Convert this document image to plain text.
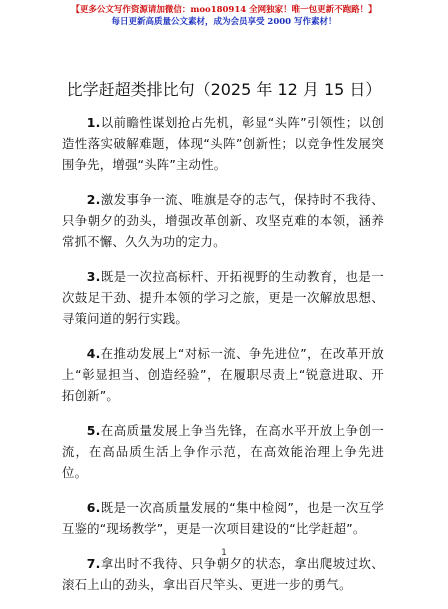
【更多公文写作资源请加微信：moo180914 全网独家！唯一包更新不跑路！】
每日更新高质量公文素材，成为会员享受 2000 写作素材！
比学赶超类排比句（2025 年 12 月 15 日）

1.以前瞻性谋划抢占先机，彰显“头阵”引领性；以创造性落实破解难题，体现“头阵”创新性；以竞争性发展突围争先，增强“头阵”主动性。

2.激发事争一流、唯旗是夺的志气，保持时不我待、只争朝夕的劲头，增强改革创新、攻坚克难的本领，涵养常抓不懈、久久为功的定力。

3.既是一次拉高标杆、开拓视野的生动教育，也是一次鼓足干劲、提升本领的学习之旅，更是一次解放思想、寻策问道的躬行实践。

4.在推动发展上“对标一流、争先进位”，在改革开放上“彰显担当、创造经验”，在履职尽责上“锐意进取、开拓创新”。

5.在高质量发展上争当先锋，在高水平开放上争创一流，在高品质生活上争作示范，在高效能治理上争先进位。

6.既是一次高质量发展的“集中检阅”，也是一次互学互鉴的“现场教学”，更是一次项目建设的“比学赶超”。

7.拿出时不我待、只争朝夕的状态，拿出爬坡过坎、滚石上山的劲头，拿出百尺竿头、更进一步的勇气。

1
